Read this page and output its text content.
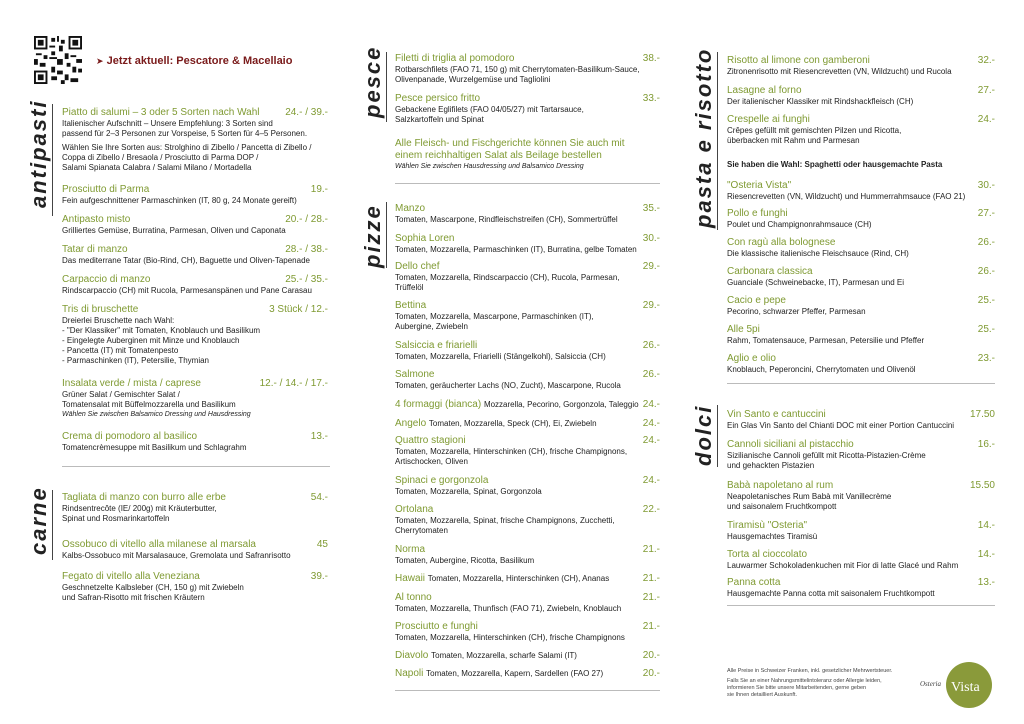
➤ Jetzt aktuell: Pescatore & Macellaio
antipasti
carne
pesce
pizze
pasta e risotto
dolci
Piatto di salumi – 3 oder 5 Sorten nach Wahl	24.- / 39.-
Italienischer Aufschnitt – Unsere Empfehlung: 3 Sorten sind
passend für 2–3 Personen zur Vorspeise, 5 Sorten für 4–5 Personen.
Wählen Sie Ihre Sorten aus: Strolghino di Zibello / Pancetta di Zibello /
Coppa di Zibello / Bresaola / Prosciutto di Parma DOP /
Salami Spianata Calabra / Salami Milano / Mortadella
Prosciutto di Parma	19.-
Fein aufgeschnittener Parmaschinken (IT, 80 g, 24 Monate gereift)
Antipasto misto	20.- / 28.-
Grilliertes Gemüse, Burratina, Parmesan, Oliven und Caponata
Tatar di manzo	28.- / 38.-
Das mediterrane Tatar (Bio-Rind, CH), Baguette und Oliven-Tapenade
Carpaccio di manzo	25.- / 35.-
Rindscarpaccio (CH) mit Rucola, Parmesanspänen und Pane Carasau
Tris di bruschette	3 Stück / 12.-
Dreierlei Bruschette nach Wahl:
- "Der Klassiker" mit Tomaten, Knoblauch und Basilikum
- Eingelegte Auberginen mit Minze und Knoblauch
- Pancetta (IT) mit Tomatenpesto
- Parmaschinken (IT), Petersilie, Thymian
Insalata verde / mista / caprese	12.- / 14.- / 17.-
Grüner Salat / Gemischter Salat /
Tomatensalat mit Büffelmozzarella und Basilikum
Wählen Sie zwischen Balsamico Dressing und Hausdressing
Crema di pomodoro al basilico	13.-
Tomatencrèmesuppe mit Basilikum und Schlagrahm
Tagliata di manzo con burro alle erbe	54.-
Rindsentrecôte (IE/ 200g) mit Kräuterbutter,
Spinat und Rosmarinkartoffeln
Ossobuco di vitello alla milanese al marsala	45
Kalbs-Ossobuco mit Marsalasauce, Gremolata und Safranrisotto
Fegato di vitello alla Veneziana	39.-
Geschnetzelte Kalbsleber (CH, 150 g) mit Zwiebeln
und Safran-Risotto mit frischen Kräutern
Filetti di triglia al pomodoro	38.-
Rotbarschfilets (FAO 71, 150 g) mit Cherrytomaten-Basilikum-Sauce,
Olivenpanade, Wurzelgemüse und Tagliolini
Pesce persico fritto	33.-
Gebackene Eglifilets (FAO 04/05/27) mit Tartarsauce,
Salzkartoffeln und Spinat
Manzo	35.-
Tomaten, Mascarpone, Rindfleischstreifen (CH), Sommertrüffel
Sophia Loren	30.-
Tomaten, Mozzarella, Parmaschinken (IT), Burratina, gelbe Tomaten
Dello chef	29.-
Tomaten, Mozzarella, Rindscarpaccio (CH), Rucola, Parmesan,
Trüffelöl
Bettina	29.-
Tomaten, Mozzarella, Mascarpone, Parmaschinken (IT),
Aubergine, Zwiebeln
Salsiccia e friarielli	26.-
Tomaten, Mozzarella, Friarielli (Stängelkohl), Salsiccia (CH)
Salmone	26.-
Tomaten, geräucherter Lachs (NO, Zucht), Mascarpone, Rucola
4 formaggi (bianca) Mozzarella, Pecorino, Gorgonzola, Taleggio 24.-
Angelo Tomaten, Mozzarella, Speck (CH), Ei, Zwiebeln	24.-
Quattro stagioni	24.-
Tomaten, Mozzarella, Hinterschinken (CH), frische Champignons,
Artischocken, Oliven
Spinaci e gorgonzola	24.-
Tomaten, Mozzarella, Spinat, Gorgonzola
Ortolana	22.-
Tomaten, Mozzarella, Spinat, frische Champignons, Zucchetti,
Cherrytomaten
Norma	21.-
Tomaten, Aubergine, Ricotta, Basilikum
Hawaii Tomaten, Mozzarella, Hinterschinken (CH), Ananas	21.-
Al tonno	21.-
Tomaten, Mozzarella, Thunfisch (FAO 71), Zwiebeln, Knoblauch
Prosciutto e funghi	21.-
Tomaten, Mozzarella, Hinterschinken (CH), frische Champignons
Diavolo Tomaten, Mozzarella, scharfe Salami (IT)	20.-
Napoli Tomaten, Mozzarella, Kapern, Sardellen (FAO 27)	20.-
Risotto al limone con gamberoni	32.-
Zitronenrisotto mit Riesencrevetten (VN, Wildzucht) und Rucola
Lasagne al forno	27.-
Der italienischer Klassiker mit Rindshackfleisch (CH)
Crespelle ai funghi	24.-
Crêpes gefüllt mit gemischten Pilzen und Ricotta,
überbacken mit Rahm und Parmesan
"Osteria Vista"	30.-
Riesencrevetten (VN, Wildzucht) und Hummerrahmsauce (FAO 21)
Pollo e funghi	27.-
Poulet und Champignonrahmsauce (CH)
Con ragù alla bolognese	26.-
Die klassische italienische Fleischsauce (Rind, CH)
Carbonara classica	26.-
Guanciale (Schweinebacke, IT), Parmesan und Ei
Cacio e pepe	25.-
Pecorino, schwarzer Pfeffer, Parmesan
Alle 5pi	25.-
Rahm, Tomatensauce, Parmesan, Petersilie und Pfeffer
Aglio e olio	23.-
Knoblauch, Peperoncini, Cherrytomaten und Olivenöl
Vin Santo e cantuccini	17.50
Ein Glas Vin Santo del Chianti DOC mit einer Portion Cantuccini
Cannoli siciliani al pistacchio	16.-
Sizilianische Cannoli gefüllt mit Ricotta-Pistazien-Crème
und gehackten Pistazien
Babà napoletano al rum	15.50
Neapoletanisches Rum Babà mit Vanillecrème
und saisonalem Fruchtkompott
Tiramisù "Osteria"	14.-
Hausgemachtes Tiramisù
Torta al cioccolato	14.-
Lauwarmer Schokoladenkuchen mit Fior di latte Glacé und Rahm
Panna cotta	13.-
Hausgemachte Panna cotta mit saisonalem Fruchtkompott
Alle Fleisch- und Fischgerichte können Sie auch mit
einem reichhaltigen Salat als Beilage bestellen
Wählen Sie zwischen Hausdressing und Balsamico Dressing	Sie haben die Wahl: Spaghetti oder hausgemachte Pasta
Alle Preise in Schweizer Franken, inkl. gesetzlicher Mehrwertsteuer.
Falls Sie an einer Nahrungsmittelintoleranz oder Allergie leiden,
informieren Sie bitte unsere Mitarbeitenden, gerne geben
sie Ihnen detailliert Auskunft.
Osteria Vista
